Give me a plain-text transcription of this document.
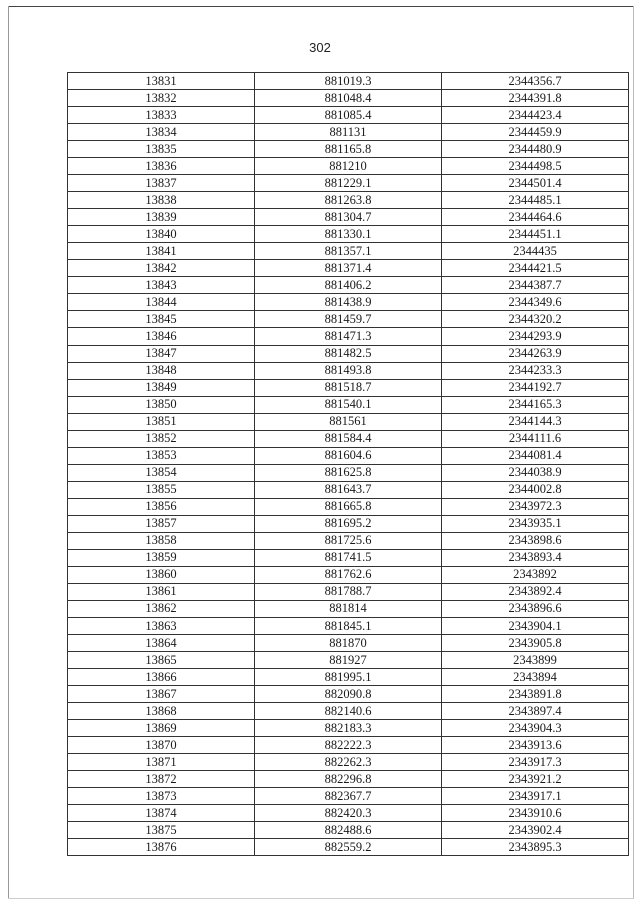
302
13831	881019.3	2344356.7
13832	881048.4	2344391.8
13833	881085.4	2344423.4
13834	881131	2344459.9
13835	881165.8	2344480.9
13836	881210	2344498.5
13837	881229.1	2344501.4
13838	881263.8	2344485.1
13839	881304.7	2344464.6
13840	881330.1	2344451.1
13841	881357.1	2344435
13842	881371.4	2344421.5
13843	881406.2	2344387.7
13844	881438.9	2344349.6
13845	881459.7	2344320.2
13846	881471.3	2344293.9
13847	881482.5	2344263.9
13848	881493.8	2344233.3
13849	881518.7	2344192.7
13850	881540.1	2344165.3
13851	881561	2344144.3
13852	881584.4	2344111.6
13853	881604.6	2344081.4
13854	881625.8	2344038.9
13855	881643.7	2344002.8
13856	881665.8	2343972.3
13857	881695.2	2343935.1
13858	881725.6	2343898.6
13859	881741.5	2343893.4
13860	881762.6	2343892
13861	881788.7	2343892.4
13862	881814	2343896.6
13863	881845.1	2343904.1
13864	881870	2343905.8
13865	881927	2343899
13866	881995.1	2343894
13867	882090.8	2343891.8
13868	882140.6	2343897.4
13869	882183.3	2343904.3
13870	882222.3	2343913.6
13871	882262.3	2343917.3
13872	882296.8	2343921.2
13873	882367.7	2343917.1
13874	882420.3	2343910.6
13875	882488.6	2343902.4
13876	882559.2	2343895.3
